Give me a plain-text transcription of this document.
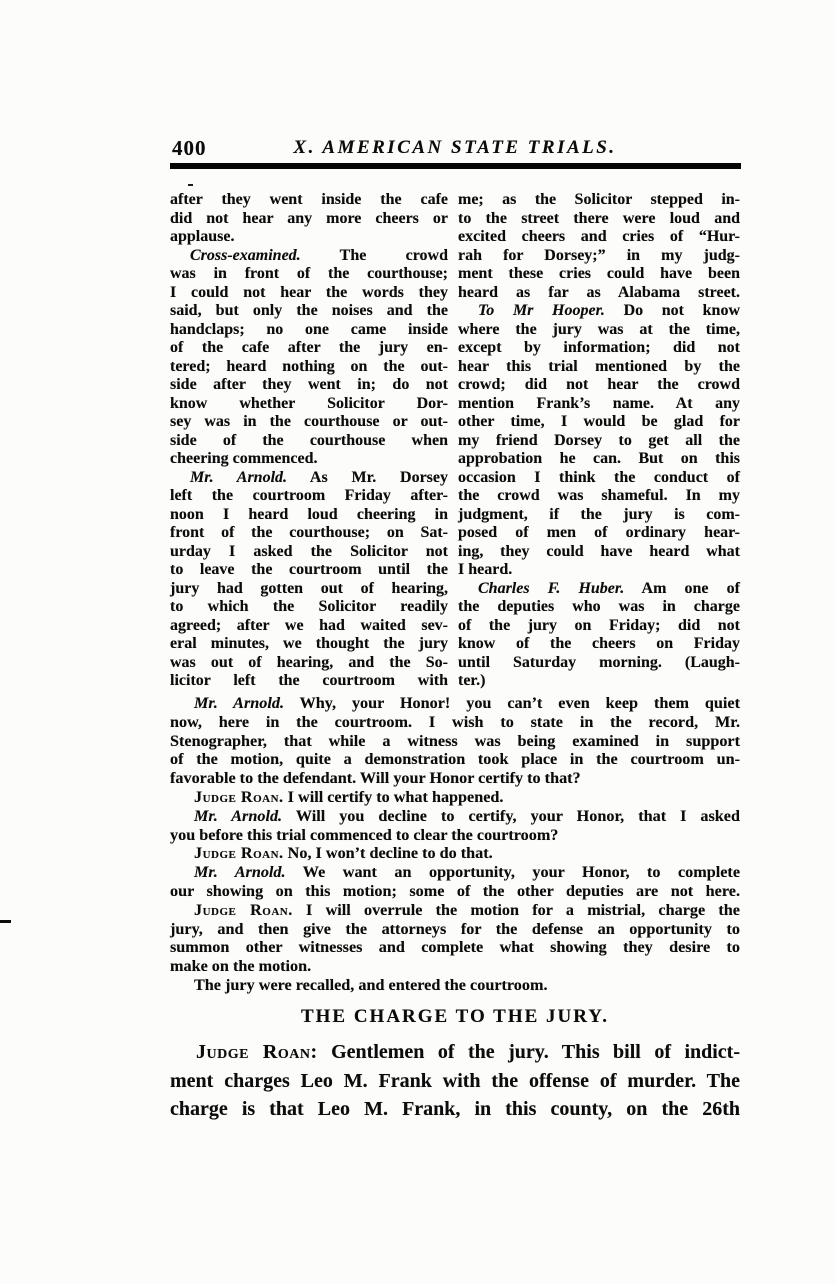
400	X. AMERICAN STATE TRIALS.
after they went inside the cafe
did not hear any more cheers or
applause.
Cross-examined. The crowd
was in front of the courthouse;
I could not hear the words they
said, but only the noises and the
handclaps; no one came inside
of the cafe after the jury en-
tered; heard nothing on the out-
side after they went in; do not
know whether Solicitor Dor-
sey was in the courthouse or out-
side of the courthouse when
cheering commenced.
Mr. Arnold. As Mr. Dorsey
left the courtroom Friday after-
noon I heard loud cheering in
front of the courthouse; on Sat-
urday I asked the Solicitor not
to leave the courtroom until the
jury had gotten out of hearing,
to which the Solicitor readily
agreed; after we had waited sev-
eral minutes, we thought the jury
was out of hearing, and the So-
licitor left the courtroom with
me; as the Solicitor stepped in-
to the street there were loud and
excited cheers and cries of “Hur-
rah for Dorsey;” in my judg-
ment these cries could have been
heard as far as Alabama street.
To Mr Hooper. Do not know
where the jury was at the time,
except by information; did not
hear this trial mentioned by the
crowd; did not hear the crowd
mention Frank’s name. At any
other time, I would be glad for
my friend Dorsey to get all the
approbation he can. But on this
occasion I think the conduct of
the crowd was shameful. In my
judgment, if the jury is com-
posed of men of ordinary hear-
ing, they could have heard what
I heard.
Charles F. Huber. Am one of
the deputies who was in charge
of the jury on Friday; did not
know of the cheers on Friday
until Saturday morning. (Laugh-
ter.)
Mr. Arnold. Why, your Honor! you can’t even keep them quiet
now, here in the courtroom. I wish to state in the record, Mr.
Stenographer, that while a witness was being examined in support
of the motion, quite a demonstration took place in the courtroom un-
favorable to the defendant. Will your Honor certify to that?
Judge Roan. I will certify to what happened.
Mr. Arnold. Will you decline to certify, your Honor, that I asked
you before this trial commenced to clear the courtroom?
Judge Roan. No, I won’t decline to do that.
Mr. Arnold. We want an opportunity, your Honor, to complete
our showing on this motion; some of the other deputies are not here.
Judge Roan. I will overrule the motion for a mistrial, charge the
jury, and then give the attorneys for the defense an opportunity to
summon other witnesses and complete what showing they desire to
make on the motion.
The jury were recalled, and entered the courtroom.
THE CHARGE TO THE JURY.
Judge Roan: Gentlemen of the jury. This bill of indict-
ment charges Leo M. Frank with the offense of murder. The
charge is that Leo M. Frank, in this county, on the 26th
